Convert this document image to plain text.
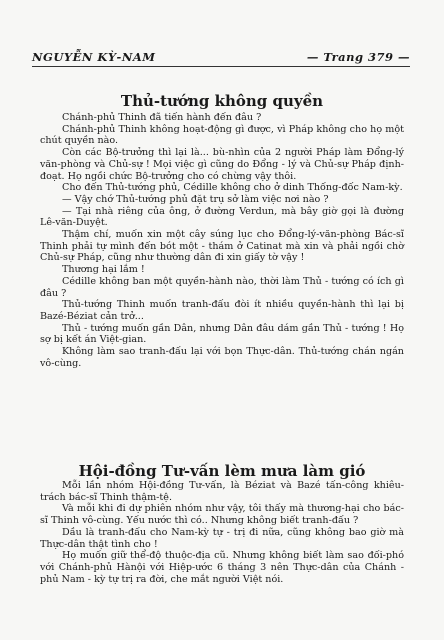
NGUYỄN KỲ-NAM	— Trang 379 —
Thủ-tướng không quyền

Chánh-phủ Thinh đã tiến hành đến đâu ?

Chánh-phủ Thinh không hoạt-động gì được, vì Pháp không cho họ một chút quyền nào.

Còn các Bộ-trưởng thì lại là... bù-nhìn của 2 người Pháp làm Đổng-lý văn-phòng và Chủ-sự ! Mọi việc gì cũng do Đổng - lý và Chủ-sự Pháp định-đoạt. Họ ngồi chức Bộ-trưởng cho có chừng vậy thôi.

Cho đến Thủ-tướng phủ, Cédille không cho ở dinh Thống-đốc Nam-kỳ.

— Vậy chớ Thủ-tướng phủ đặt trụ sở làm việc nơi nào ?

— Tại nhà riêng của ông, ở đường Verdun, mà bây giờ gọi là đường Lê-văn-Duyệt.

Thậm chí, muốn xin một cây súng lục cho Đổng-lý-văn-phòng Bác-sĩ Thinh phải tự mình đến bót một - thám ở Catinat mà xin và phải ngồi chờ Chủ-sự Pháp, cũng như thường dân đi xin giấy tờ vậy !

Thương hại lắm !

Cédille không ban một quyền-hành nào, thời làm Thủ - tướng có ích gì đâu ?

Thủ-tướng Thinh muốn tranh-đấu đòi ít nhiều quyền-hành thì lại bị Bazé-Béziat cản trở...

Thủ - tướng muốn gần Dân, nhưng Dân đâu dám gần Thủ - tướng ! Họ sợ bị kết án Việt-gian.

Không làm sao tranh-đấu lại với bọn Thực-dân. Thủ-tướng chán ngán vô-cùng.

Hội-đồng Tư-vấn lèm mưa làm gió

Mỗi lần nhóm Hội-đồng Tư-vấn, là Béziat và Bazé tấn-công khiêu-trách bác-sĩ Thinh thậm-tệ.

Và mỗi khi đi dự phiên nhóm như vậy, tôi thấy mà thương-hại cho bác-sĩ Thinh vô-cùng. Yếu nước thì có.. Nhưng không biết tranh-đấu ?

Dầu là tranh-đấu cho Nam-kỳ tự - trị đi nữa, cũng không bao giờ mà Thực-dân thật tình cho !

Họ muốn giữ thể-độ thuộc-địa cũ. Nhưng không biết làm sao đối-phó với Chánh-phủ Hànội với Hiệp-ước 6 tháng 3 nên Thực-dân của Chánh - phủ Nam - kỳ tự trị ra đời, che mắt người Việt nói.
